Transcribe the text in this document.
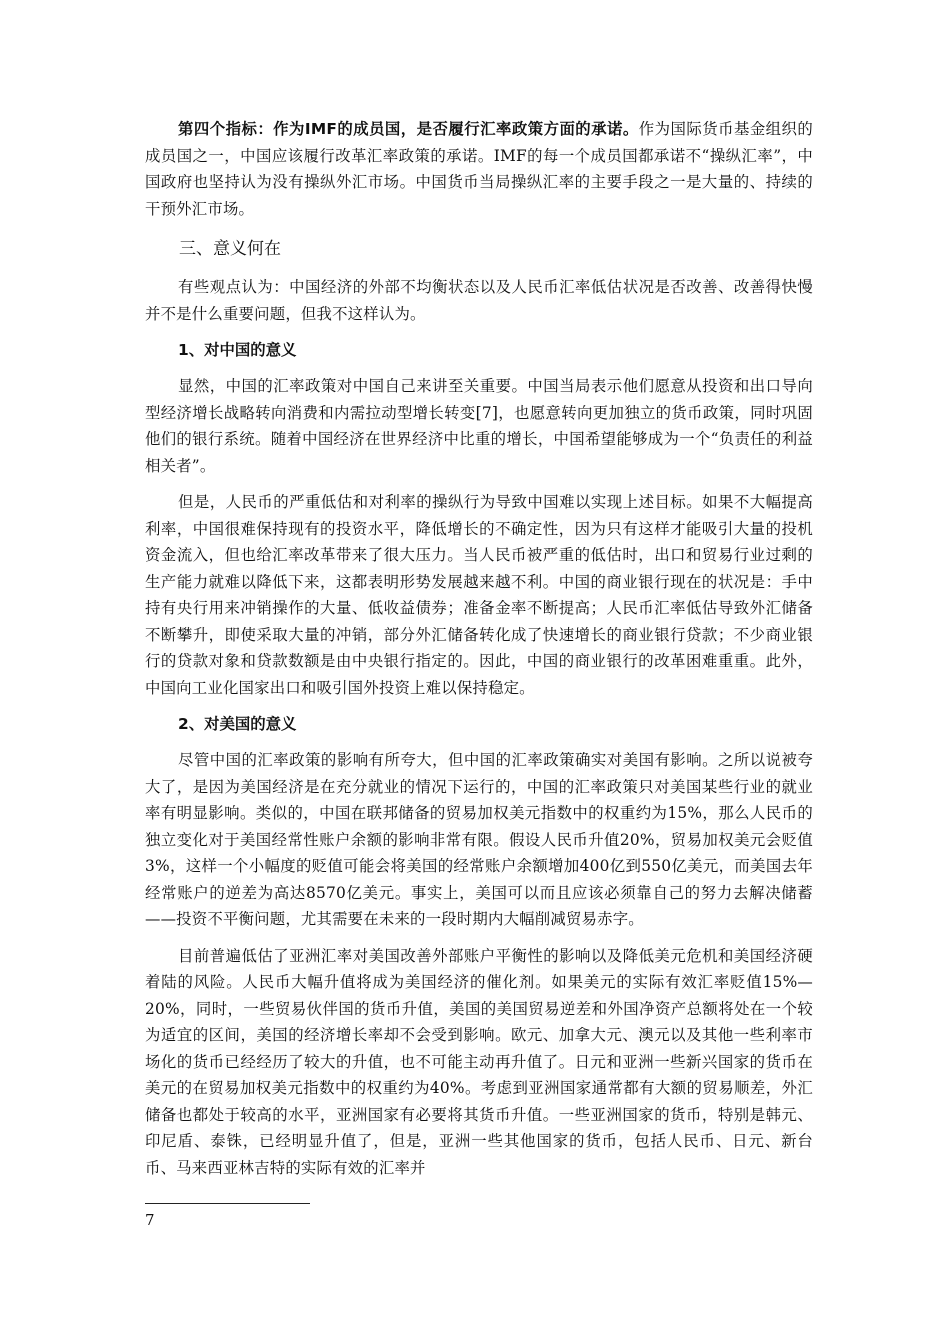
第四个指标：作为IMF的成员国，是否履行汇率政策方面的承诺。作为国际货币基金组织的成员国之一，中国应该履行改革汇率政策的承诺。IMF的每一个成员国都承诺不“操纵汇率”，中国政府也坚持认为没有操纵外汇市场。中国货币当局操纵汇率的主要手段之一是大量的、持续的干预外汇市场。

三、意义何在

有些观点认为：中国经济的外部不均衡状态以及人民币汇率低估状况是否改善、改善得快慢并不是什么重要问题，但我不这样认为。

1、对中国的意义

显然，中国的汇率政策对中国自己来讲至关重要。中国当局表示他们愿意从投资和出口导向型经济增长战略转向消费和内需拉动型增长转变[7]，也愿意转向更加独立的货币政策，同时巩固他们的银行系统。随着中国经济在世界经济中比重的增长，中国希望能够成为一个“负责任的利益相关者”。

但是，人民币的严重低估和对利率的操纵行为导致中国难以实现上述目标。如果不大幅提高利率，中国很难保持现有的投资水平，降低增长的不确定性，因为只有这样才能吸引大量的投机资金流入，但也给汇率改革带来了很大压力。当人民币被严重的低估时，出口和贸易行业过剩的生产能力就难以降低下来，这都表明形势发展越来越不利。中国的商业银行现在的状况是：手中持有央行用来冲销操作的大量、低收益债券；准备金率不断提高；人民币汇率低估导致外汇储备不断攀升，即使采取大量的冲销，部分外汇储备转化成了快速增长的商业银行贷款；不少商业银行的贷款对象和贷款数额是由中央银行指定的。因此，中国的商业银行的改革困难重重。此外，中国向工业化国家出口和吸引国外投资上难以保持稳定。

2、对美国的意义

尽管中国的汇率政策的影响有所夸大，但中国的汇率政策确实对美国有影响。之所以说被夸大了，是因为美国经济是在充分就业的情况下运行的，中国的汇率政策只对美国某些行业的就业率有明显影响。类似的，中国在联邦储备的贸易加权美元指数中的权重约为15%，那么人民币的独立变化对于美国经常性账户余额的影响非常有限。假设人民币升值20%，贸易加权美元会贬值3%，这样一个小幅度的贬值可能会将美国的经常账户余额增加400亿到550亿美元，而美国去年经常账户的逆差为高达8570亿美元。事实上，美国可以而且应该必须靠自己的努力去解决储蓄——投资不平衡问题，尤其需要在未来的一段时期内大幅削减贸易赤字。

目前普遍低估了亚洲汇率对美国改善外部账户平衡性的影响以及降低美元危机和美国经济硬着陆的风险。人民币大幅升值将成为美国经济的催化剂。如果美元的实际有效汇率贬值15%—20%，同时，一些贸易伙伴国的货币升值，美国的美国贸易逆差和外国净资产总额将处在一个较为适宜的区间，美国的经济增长率却不会受到影响。欧元、加拿大元、澳元以及其他一些利率市场化的货币已经经历了较大的升值，也不可能主动再升值了。日元和亚洲一些新兴国家的货币在美元的在贸易加权美元指数中的权重约为40%。考虑到亚洲国家通常都有大额的贸易顺差，外汇储备也都处于较高的水平，亚洲国家有必要将其货币升值。一些亚洲国家的货币，特别是韩元、印尼盾、泰铢，已经明显升值了，但是，亚洲一些其他国家的货币，包括人民币、日元、新台币、马来西亚林吉特的实际有效的汇率并

7
